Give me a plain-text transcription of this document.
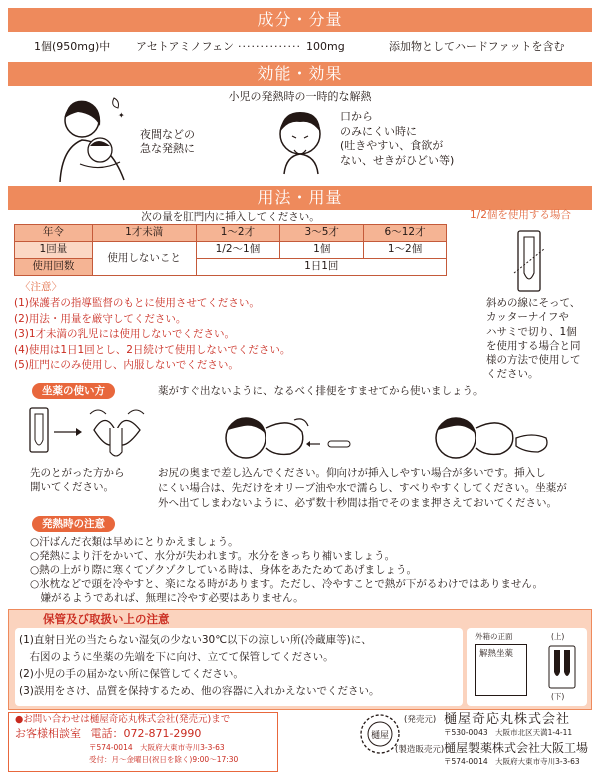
成分・分量
1個(950mg)中 アセトアミノフェン ·············· 100mg	添加物としてハードファットを含む
効能・効果
小児の発熱時の一時的な解熱
✦
夜間などの
急な発熱に
口から
のみにくい時に
(吐きやすい、食欲が
ない、せきがひどい等)
用法・用量
次の量を肛門内に挿入してください。
年令	1才未満	1〜2才	3〜5才	6〜12才
1回量	使用しないこと	1/2〜1個	1個	1〜2個
使用回数		1日1回		
〈注意〉
(1)保護者の指導監督のもとに使用させてください。
(2)用法・用量を厳守してください。
(3)1才未満の乳児には使用しないでください。
(4)使用は1日1回とし、2日続けて使用しないでください。
(5)肛門にのみ使用し、内服しないでください。
1/2個を使用する場合
斜めの線にそって、
カッターナイフや
ハサミで切り、1個
を使用する場合と同
様の方法で使用して
ください。
坐薬の使い方	薬がすぐ出ないように、なるべく排便をすませてから使いましょう。
先のとがった方から
開いてください。
お尻の奥まで差し込んでください。仰向けが挿入しやすい場合が多いです。挿入し
にくい場合は、先だけをオリーブ油や水で濡らし、すべりやすくしてください。坐薬が
外へ出てしまわないように、必ず数十秒間は指でそのまま押さえておいてください。
発熱時の注意
○汗ばんだ衣類は早めにとりかえましょう。
○発熱により汗をかいて、水分が失われます。水分をきっちり補いましょう。
○熱の上がり際に寒くてゾクゾクしている時は、身体をあたためてあげましょう。
○氷枕などで頭を冷やすと、楽になる時があります。ただし、冷やすことで熱が下がるわけではありません。
　嫌がるようであれば、無理に冷やす必要はありません。
保管及び取扱い上の注意
(1)直射日光の当たらない湿気の少ない30℃以下の涼しい所(冷蔵庫等)に、
　右図のように坐薬の先端を下に向け、立てて保管してください。
(2)小児の手の届かない所に保管してください。
(3)誤用をさけ、品質を保持するため、他の容器に入れかえないでください。
外箱の正面
解熱坐薬
(上)
(下)
●お問い合わせは樋屋奇応丸株式会社(発売元)まで
お客様相談室 電話：072-871-2990
〒574-0014　大阪府大東市寺川3-3-63
受付：月〜金曜日(祝日を除く)9:00〜17:30
樋屋
(発売元) 樋屋奇応丸株式会社
〒530-0043　大阪市北区天満1-4-11
(製造販売元) 樋屋製薬株式会社大阪工場
〒574-0014　大阪府大東市寺川3-3-63
